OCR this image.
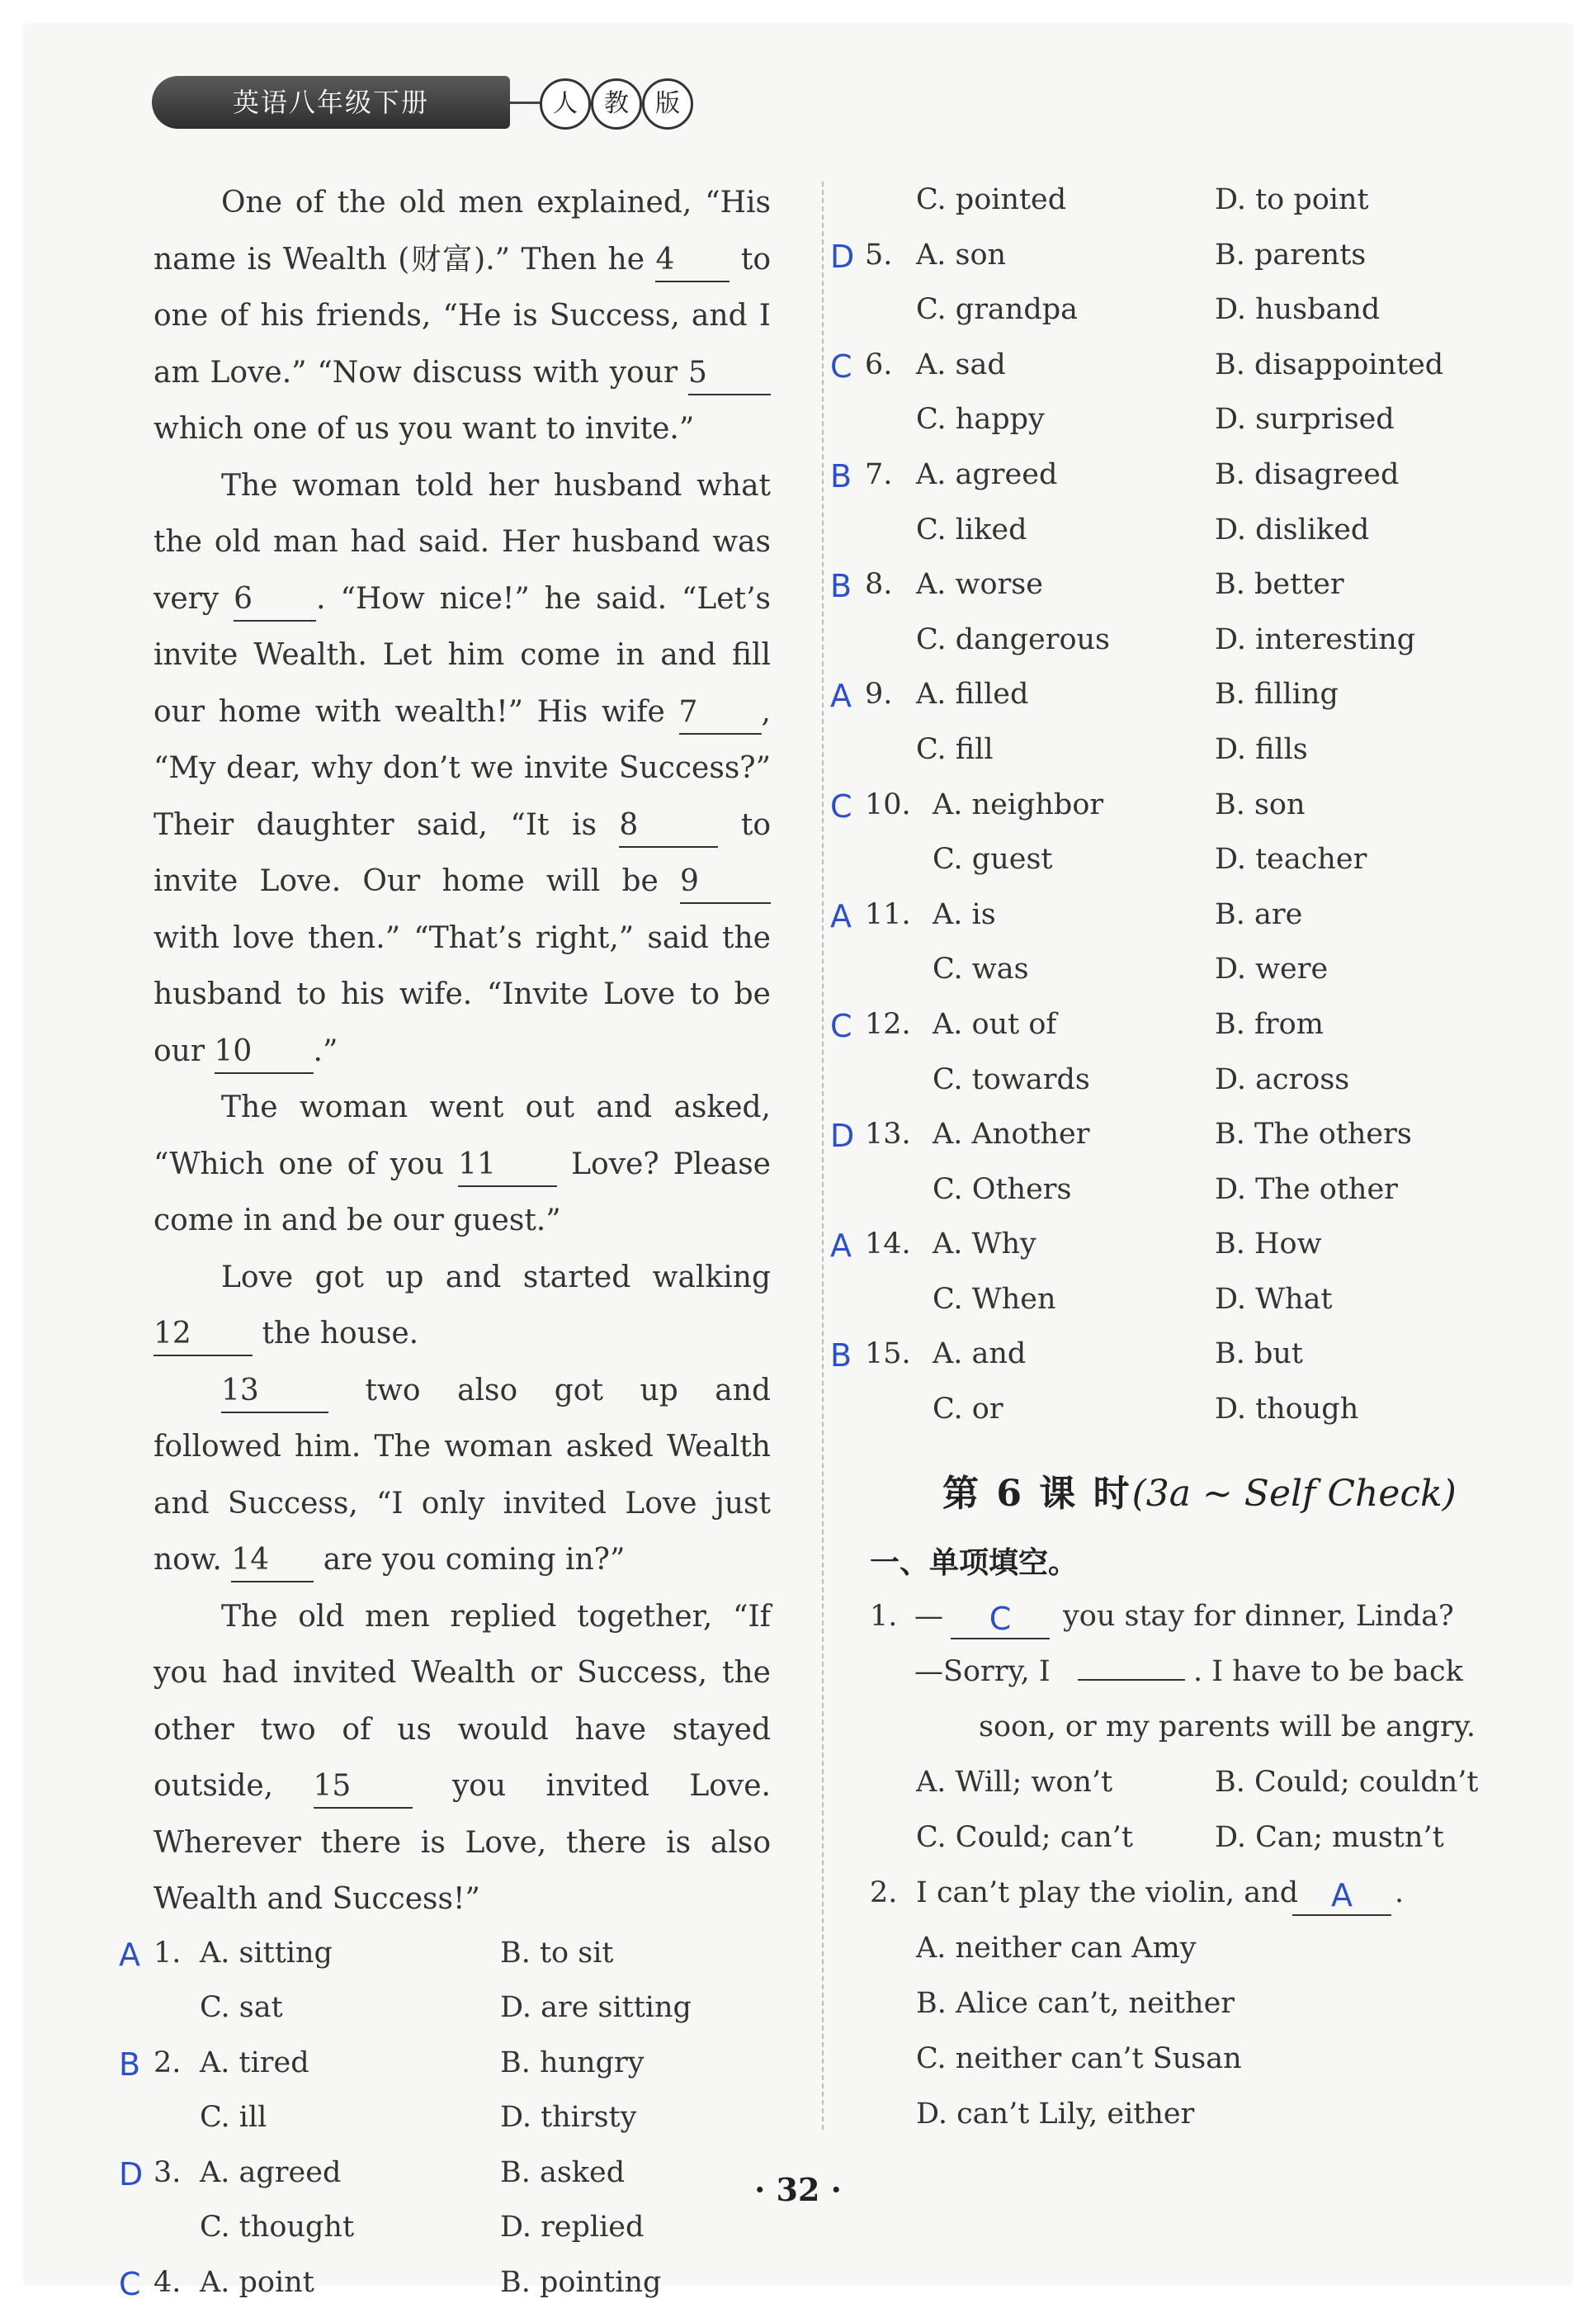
英语八年级下册	人	教	版

One of the old men explained, “His name is Wealth (财富).” Then he 4 to one of his friends, “He is Success, and I am Love.” “Now discuss with your 5 which one of us you want to invite.”

The woman told her husband what the old man had said. Her husband was very 6 . “How nice!” he said. “Let’s invite Wealth. Let him come in and fill our home with wealth!” His wife 7 , “My dear, why don’t we invite Success?” Their daughter said, “It is 8	to invite Love. Our home will be 9 with love then.” “That’s right,” said the husband to his wife. “Invite Love to be our 10 .”

The woman went out and asked, “Which one of you 11 Love? Please come in and be our guest.”

Love got up and started walking 12 the house.

13 two also got up and followed him. The woman asked Wealth and Success, “I only invited Love just now. 14 are you coming in?”

The old men replied together, “If you had invited Wealth or Success, the other two of us would have stayed outside, 15 you invited Love. Wherever there is Love, there is also Wealth and Success!”

A 1. A. sitting	B. to sit
C. sat	D. are sitting
B 2. A. tired	B. hungry
C. ill	D. thirsty
D 3. A. agreed	B. asked
C. thought	D. replied
C 4. A. point	B. pointing
C. pointed	D. to point
D 5. A. son	B. parents
C. grandpa	D. husband
C 6. A. sad	B. disappointed
C. happy	D. surprised
B 7. A. agreed	B. disagreed
C. liked	D. disliked
B 8. A. worse	B. better
C. dangerous	D. interesting
A 9. A. filled	B. filling
C. fill	D. fills
C 10. A. neighbor	B. son
C. guest	D. teacher
A 11. A. is	B. are
C. was	D. were
C 12. A. out of	B. from
C. towards	D. across
D 13. A. Another	B. The others
C. Others	D. The other
A 14. A. Why	B. How
C. When	D. What
B 15. A. and	B. but
C. or	D. though
第 6 课 时(3a ~ Self Check)
一、单项填空。
1. —	C	you stay for dinner, Linda?
—Sorry, I	. I have to be back
soon, or my parents will be angry.
A. Will; won’t	B. Could; couldn’t
C. Could; can’t	D. Can; mustn’t
2. I can’t play the violin, and	A	.
A. neither can Amy
B. Alice can’t, neither
C. neither can’t Susan
D. can’t Lily, either
· 32 ·
